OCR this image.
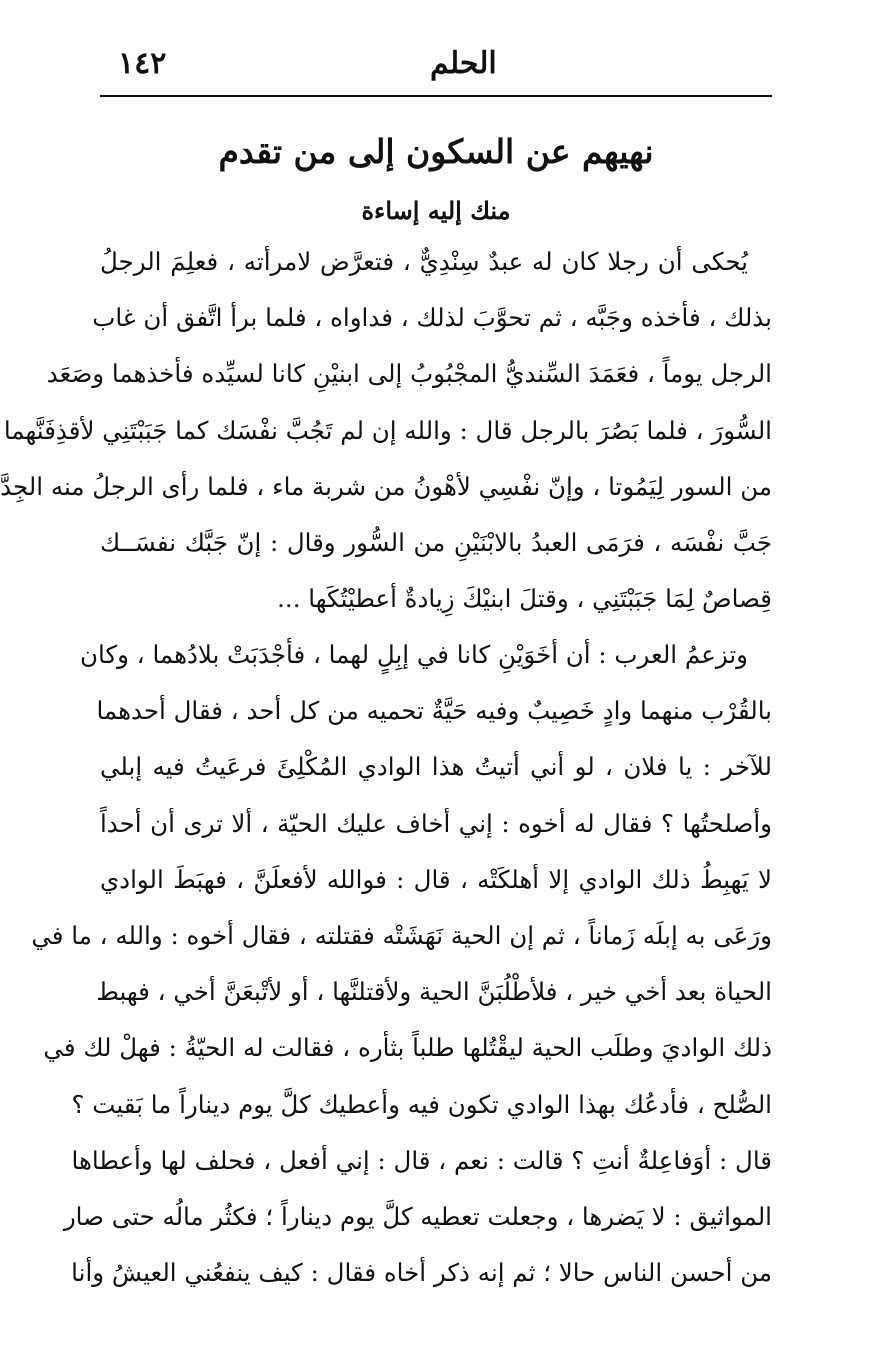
١٤٢	الحلم
نهيهم عن السكون إلى من تقدم
منك إليه إساءة
يُحكى أن رجلا كان له عبدٌ سِنْدِيٌّ ، فتعرَّض لامرأته ، فعلِمَ الرجلُ
بذلك ، فأخذه وجَبَّه ، ثم تحوَّبَ لذلك ، فداواه ، فلما برأ اتَّفق أن غاب
الرجل يوماً ، فعَمَدَ السِّنديُّ المجْبُوبُ إلى ابنيْنِ كانا لسيِّده فأخذهما وصَعَد
السُّورَ ، فلما بَصُرَ بالرجل قال : والله إن لم تَجُبَّ نفْسَك كما جَبَبْتَنِي لأقذِفَنَّهما
من السور لِيَمُوتا ، وإنّ نفْسِي لأهْونُ من شربة ماء ، فلما رأى الرجلُ منه الجِدَّ
جَبَّ نفْسَه ، فرَمَى العبدُ بالابْنَيْنِ من السُّور وقال : إنّ جَبَّك نفسَــك
قِصاصٌ لِمَا جَبَبْتَنِي ، وقتلَ ابنيْكَ زِيادةٌ أعطيْتُكَها ...
وتزعمُ العرب : أن أخَوَيْنِ كانا في إبِلٍ لهما ، فأجْدَبَتْ بلادُهما ، وكان
بالقُرْب منهما وادٍ خَصِيبٌ وفيه حَيَّةٌ تحميه من كل أحد ، فقال أحدهما
للآخر : يا فلان ، لو أني أتيتُ هذا الوادي المُكْلِئَ فرعَيتُ فيه إبلي
وأصلحتُها ؟ فقال له أخوه : إني أخاف عليك الحيّة ، ألا ترى أن أحداً
لا يَهبِطُ ذلك الوادي إلا أهلكَتْه ، قال : فوالله لأفعلَنَّ ، فهبَطَ الوادي
ورَعَى به إبلَه زَماناً ، ثم إن الحية نَهَشَتْه فقتلته ، فقال أخوه : والله ، ما في
الحياة بعد أخي خير ، فلأطْلُبَنَّ الحية ولأقتلنَّها ، أو لأتْبعَنَّ أخي ، فهبط
ذلك الواديَ وطلَب الحية ليقْتُلها طلباً بثأره ، فقالت له الحيّةُ : فهلْ لك في
الصُّلح ، فأدعُك بهذا الوادي تكون فيه وأعطيك كلَّ يوم ديناراً ما بَقيت ؟
قال : أوَفاعِلةٌ أنتِ ؟ قالت : نعم ، قال : إني أفعل ، فحلف لها وأعطاها
المواثيق : لا يَضرها ، وجعلت تعطيه كلَّ يوم ديناراً ؛ فكثُر مالُه حتى صار
من أحسن الناس حالا ؛ ثم إنه ذكر أخاه فقال : كيف ينفعُني العيشُ وأنا
